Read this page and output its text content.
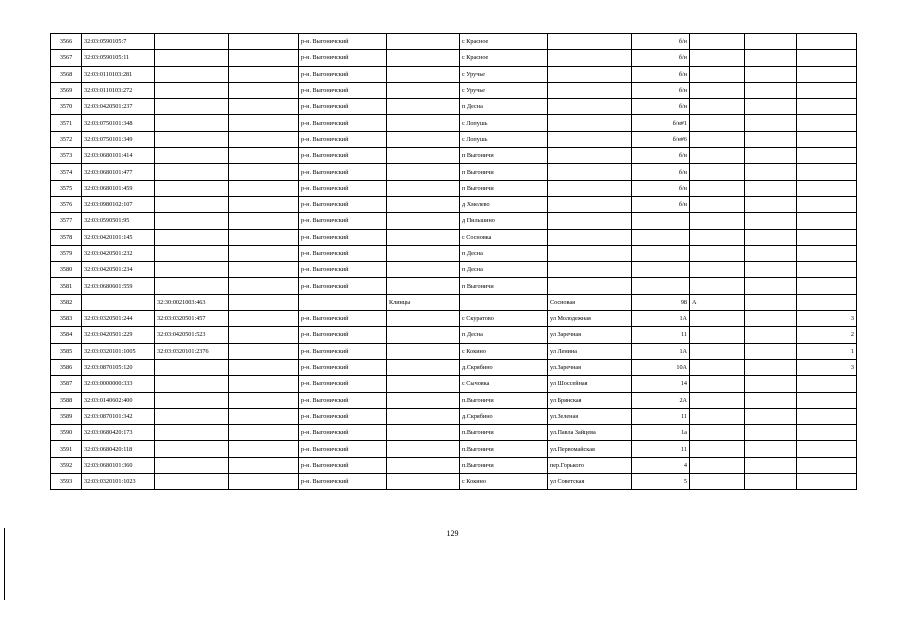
3566	32:03:0590105:7			р-н. Выгоничский		с Красное		б/н			
3567	32:03:0590105:11			р-н. Выгоничский		с Красное		б/н			
3568	32:03:0110103:281			р-н. Выгоничский		с Уручье		б/н			
3569	32:03:0110103:272			р-н. Выгоничский		с Уручье		б/н			
3570	32:03:0420501:237			р-н. Выгоничский		п Десна		б/н			
3571	32:03:0750101:348			р-н. Выгоничский		с Лопушь		б/н#1			
3572	32:03:0750101:349			р-н. Выгоничский		с Лопушь		б/н#6			
3573	32:03:0680101:414			р-н. Выгоничский		п Выгоничи		б/н			
3574	32:03:0680101:477			р-н. Выгоничский		п Выгоничи		б/н			
3575	32:03:0680101:459			р-н. Выгоничский		п Выгоничи		б/н			
3576	32:03:0980102:107			р-н. Выгоничский		д Хмелево		б/н			
3577	32:03:0590501:95			р-н. Выгоничский		д Пильшино					
3578	32:03:0420101:145			р-н. Выгоничский		с Сосновка					
3579	32:03:0420501:232			р-н. Выгоничский		п Десна					
3580	32:03:0420501:234			р-н. Выгоничский		п Десна					
3581	32:03:0680601:559			р-н. Выгоничский		п Выгоничи					
3582		32:30:0021003:463			Клинцы		Сосновая	98	А		
3583	32:03:0320501:244	32:03:0320501:457		р-н. Выгоничский		с Скуратово	ул Молодежная	1А			3
3584	32:03:0420501:229	32:03:0420501:523		р-н. Выгоничский		п Десна	ул Заречная	11			2
3585	32:03:0320101:1005	32:03:0320101:2376		р-н. Выгоничский		с Кокино	ул Ленина	1А			1
3586	32:03:0870105:120			р-н. Выгоничский		д.Скрябино	ул.Заречная	10А			3
3587	32:03:0000000:333			р-н. Выгоничский		с Сычовка	ул Шоссейная	14			
3588	32:03:0140602:400			р-н. Выгоничский		п.Выгоничи	ул Брянская	2А			
3589	32:03:0870101:342			р-н. Выгоничский		д.Скрябино	ул.Зеленая	11			
3590	32:03:0680420:173			р-н. Выгоничский		п.Выгоничи	ул.Павла Зайцева	1а			
3591	32:03:0680420:118			р-н. Выгоничский		п.Выгоничи	ул.Первомайская	11			
3592	32:03:0680101:360			р-н. Выгоничский		п.Выгоничи	пер.Горького	4			
3593	32:03:0320101:1023			р-н. Выгоничский		с Кокино	ул Советская	5			
129
